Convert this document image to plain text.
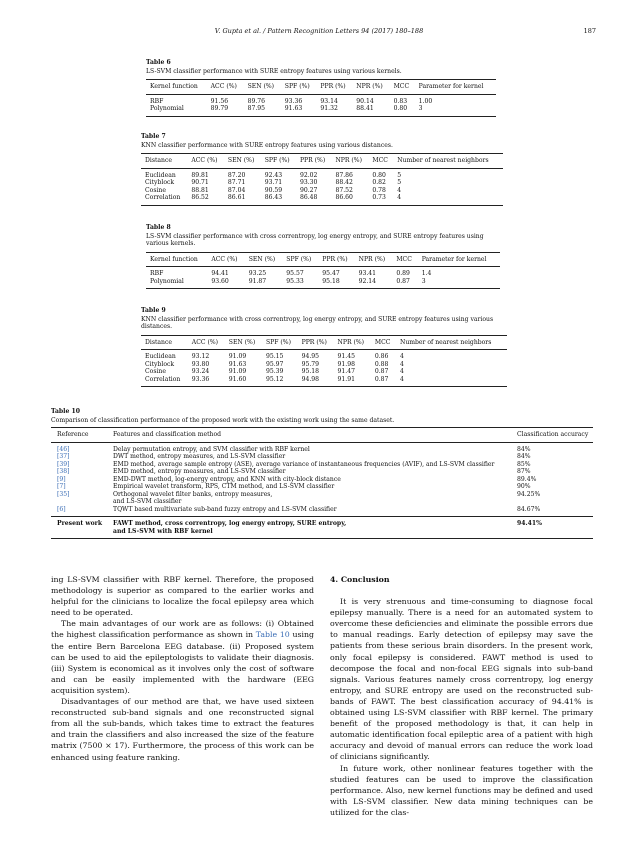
V. Gupta et al. / Pattern Recognition Letters 94 (2017) 180–188	187
Table 6
LS-SVM classifier performance with SURE entropy features using various kernels.
Kernel function	ACC (%)	SEN (%)	SPF (%)	PPR (%)	NPR (%)	MCC	Parameter for kernel
RBF	91.56	89.76	93.36	93.14	90.14	0.83	1.00
Polynomial	89.79	87.95	91.63	91.32	88.41	0.80	3
Table 7
KNN classifier performance with SURE entropy features using various distances.
Distance	ACC (%)	SEN (%)	SPF (%)	PPR (%)	NPR (%)	MCC	Number of nearest neighbors
Euclidean	89.81	87.20	92.43	92.02	87.86	0.80	5
Cityblock	90.71	87.71	93.71	93.30	88.42	0.82	5
Cosine	88.81	87.04	90.59	90.27	87.52	0.78	4
Correlation	86.52	86.61	86.43	86.48	86.60	0.73	4
Table 8
LS-SVM classifier performance with cross correntropy, log energy entropy, and SURE entropy features using
various kernels.
Kernel function	ACC (%)	SEN (%)	SPF (%)	PPR (%)	NPR (%)	MCC	Parameter for kernel
RBF	94.41	93.25	95.57	95.47	93.41	0.89	1.4
Polynomial	93.60	91.87	95.33	95.18	92.14	0.87	3
Table 9
KNN classifier performance with cross correntropy, log energy entropy, and SURE entropy features using various
distances.
Distance	ACC (%)	SEN (%)	SPF (%)	PPR (%)	NPR (%)	MCC	Number of nearest neighbors
Euclidean	93.12	91.09	95.15	94.95	91.45	0.86	4
Cityblock	93.80	91.63	95.97	95.79	91.98	0.88	4
Cosine	93.24	91.09	95.39	95.18	91.47	0.87	4
Correlation	93.36	91.60	95.12	94.98	91.91	0.87	4
Table 10
Comparison of classification performance of the proposed work with the existing work using the same dataset.
Reference	Features and classification method	Classification accuracy
[46]	Delay permutation entropy, and SVM classifier with RBF kernel	84%
[37]	DWT method, entropy measures, and LS-SVM classifier	84%
[39]	EMD method, average sample entropy (ASE), average variance of instantaneous frequencies (AVIF), and LS-SVM classifier	85%
[38]	EMD method, entropy measures, and LS-SVM classifier	87%
[9]	EMD-DWT method, log-energy entropy, and KNN with city-block distance	89.4%
[7]	Empirical wavelet transform, RPS, CTM method, and LS-SVM classifier	90%
[35]	Orthogonal wavelet filter banks, entropy measures,
and LS-SVM classifier	94.25%
[6]	TQWT based multivariate sub-band fuzzy entropy and LS-SVM classifier	84.67%
Present work	FAWT method, cross correntropy, log energy entropy, SURE entropy,
and LS-SVM with RBF kernel	94.41%

ing LS-SVM classifier with RBF kernel. Therefore, the proposed methodology is superior as compared to the earlier works and helpful for the clinicians to localize the focal epilepsy area which need to be operated.

The main advantages of our work are as follows: (i) Obtained the highest classification performance as shown in Table 10 using the entire Bern Barcelona EEG database. (ii) Proposed system can be used to aid the epileptologists to validate their diagnosis. (iii) System is economical as it involves only the cost of software and can be easily implemented with the hardware (EEG acquisition system).

Disadvantages of our method are that, we have used sixteen reconstructed sub-band signals and one reconstructed signal from all the sub-bands, which takes time to extract the features and train the classifiers and also increased the size of the feature matrix (7500 × 17). Furthermore, the process of this work can be enhanced using feature ranking.

4. Conclusion

It is very strenuous and time-consuming to diagnose focal epilepsy manually. There is a need for an automated system to overcome these deficiencies and eliminate the possible errors due to manual readings. Early detection of epilepsy may save the patients from these serious brain disorders. In the present work, only focal epilepsy is considered. FAWT method is used to decompose the focal and non-focal EEG signals into sub-band signals. Various features namely cross correntropy, log energy entropy, and SURE entropy are used on the reconstructed sub-bands of FAWT. The best classification accuracy of 94.41% is obtained using LS-SVM classifier with RBF kernel. The primary benefit of the proposed methodology is that, it can help in automatic identification focal epileptic area of a patient with high accuracy and devoid of manual errors can reduce the work load of clinicians significantly.

In future work, other nonlinear features together with the studied features can be used to improve the classification performance. Also, new kernel functions may be defined and used with LS-SVM classifier. New data mining techniques can be utilized for the clas-
